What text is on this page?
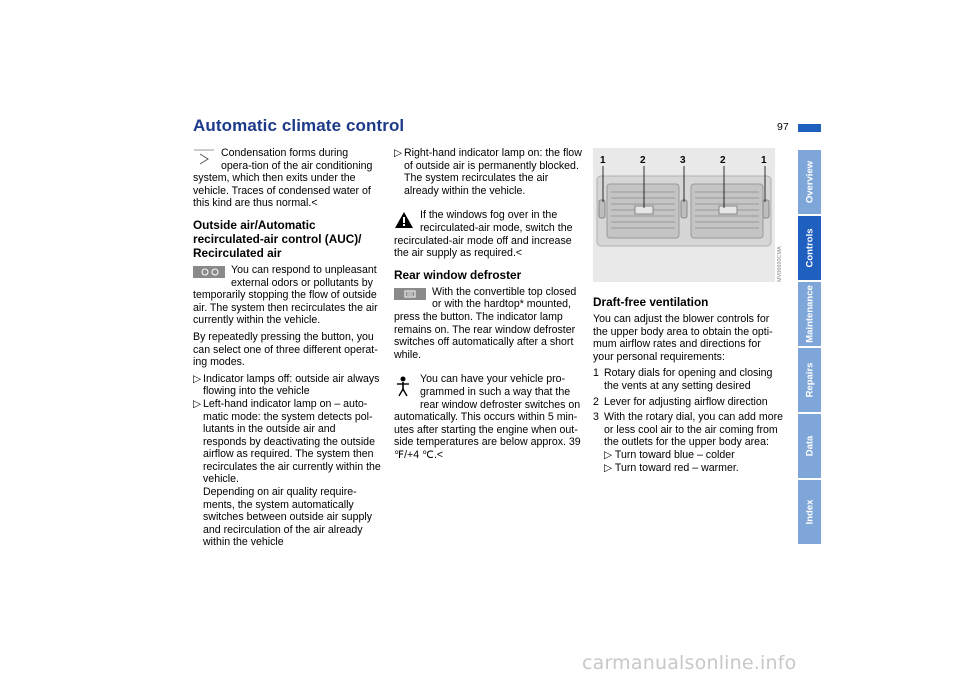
Automatic climate control	97

Condensation forms during opera-tion of the air conditioning system, which then exits under the vehicle. Traces of condensed water of this kind are thus normal.<

Outside air/Automatic recirculated-air control (AUC)/ Recirculated air

You can respond to unpleasant external odors or pollutants by temporarily stopping the flow of outside air. The system then recirculates the air currently within the vehicle.

By repeatedly pressing the button, you can select one of three different operat-ing modes.

▷ Indicator lamps off: outside air always flowing into the vehicle
▷ Left-hand indicator lamp on – auto-matic mode: the system detects pol-lutants in the outside air and responds by deactivating the outside airflow as required. The system then recirculates the air currently within the vehicle.
Depending on air quality require-ments, the system automatically switches between outside air supply and recirculation of the air already within the vehicle
▷ Right-hand indicator lamp on: the flow of outside air is permanently blocked. The system recirculates the air already within the vehicle.

If the windows fog over in the recirculated-air mode, switch the recirculated-air mode off and increase the air supply as required.<

Rear window defroster

With the convertible top closed or with the hardtop* mounted, press the button. The indicator lamp remains on. The rear window defroster switches off automatically after a short while.

You can have your vehicle pro-grammed in such a way that the rear window defroster switches on automatically. This occurs within 5 min-utes after starting the engine when out-side temperatures are below approx. 39 ℉/+4 ℃.<

1	2	3	2	1
MV06690CMA
Draft-free ventilation

You can adjust the blower controls for the upper body area to obtain the opti-mum airflow rates and directions for your personal requirements:

1 Rotary dials for opening and closing the vents at any setting desired
2 Lever for adjusting airflow direction
3 With the rotary dial, you can add more or less cool air to the air coming from the outlets for the upper body area:
▷ Turn toward blue – colder
▷ Turn toward red – warmer.
Overview
Controls
Maintenance
Repairs
Data
Index
carmanualsonline.info
